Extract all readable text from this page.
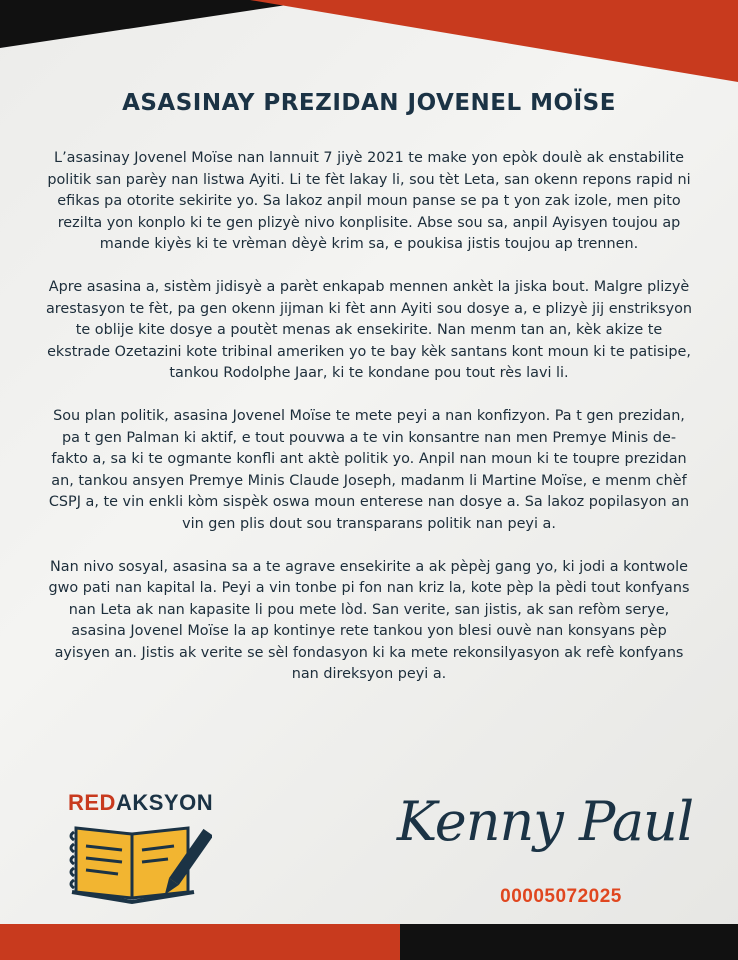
ASASINAY PREZIDAN JOVENEL MOÏSE

L’asasinay Jovenel Moïse nan lannuit 7 jiyè 2021 te make yon epòk doulè ak enstabilite politik san parèy nan listwa Ayiti. Li te fèt lakay li, sou tèt Leta, san okenn repons rapid ni efikas pa otorite sekirite yo. Sa lakoz anpil moun panse se pa t yon zak izole, men pito rezilta yon konplo ki te gen plizyè nivo konplisite. Abse sou sa, anpil Ayisyen toujou ap mande kiyès ki te vrèman dèyè krim sa, e poukisa jistis toujou ap trennen.

Apre asasina a, sistèm jidisyè a parèt enkapab mennen ankèt la jiska bout. Malgre plizyè arestasyon te fèt, pa gen okenn jijman ki fèt ann Ayiti sou dosye a, e plizyè jij enstriksyon te oblije kite dosye a poutèt menas ak ensekirite. Nan menm tan an, kèk akize te ekstrade Ozetazini kote tribinal ameriken yo te bay kèk santans kont moun ki te patisipe, tankou Rodolphe Jaar, ki te kondane pou tout rès lavi li.

Sou plan politik, asasina Jovenel Moïse te mete peyi a nan konfizyon. Pa t gen prezidan, pa t gen Palman ki aktif, e tout pouvwa a te vin konsantre nan men Premye Minis de-fakto a, sa ki te ogmante konfli ant aktè politik yo. Anpil nan moun ki te toupre prezidan an, tankou ansyen Premye Minis Claude Joseph, madanm li Martine Moïse, e menm chèf CSPJ a, te vin enkli kòm sispèk oswa moun enterese nan dosye a. Sa lakoz popilasyon an vin gen plis dout sou transparans politik nan peyi a.

Nan nivo sosyal, asasina sa a te agrave ensekirite a ak pèpèj gang yo, ki jodi a kontwole gwo pati nan kapital la. Peyi a vin tonbe pi fon nan kriz la, kote pèp la pèdi tout konfyans nan Leta ak nan kapasite li pou mete lòd. San verite, san jistis, ak san refòm serye, asasina Jovenel Moïse la ap kontinye rete tankou yon blesi ouvè nan konsyans pèp ayisyen an. Jistis ak verite se sèl fondasyon ki ka mete rekonsilyasyon ak refè konfyans nan direksyon peyi a.

REDAKSYON	Kenny Paul
00005072025
